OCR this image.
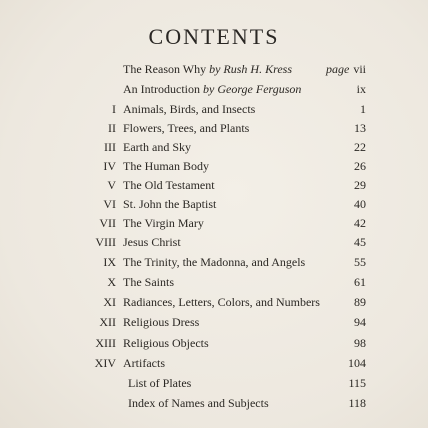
CONTENTS
The Reason Why by Rush H. Kress	page vii
An Introduction by George Ferguson	ix
I Animals, Birds, and Insects	1
II Flowers, Trees, and Plants	13
III Earth and Sky	22
IV The Human Body	26
V The Old Testament	29
VI St. John the Baptist	40
VII The Virgin Mary	42
VIII Jesus Christ	45
IX The Trinity, the Madonna, and Angels	55
X The Saints	61
XI Radiances, Letters, Colors, and Numbers	89
XII Religious Dress	94
XIII Religious Objects	98
XIV Artifacts	104
List of Plates	115
Index of Names and Subjects	118
